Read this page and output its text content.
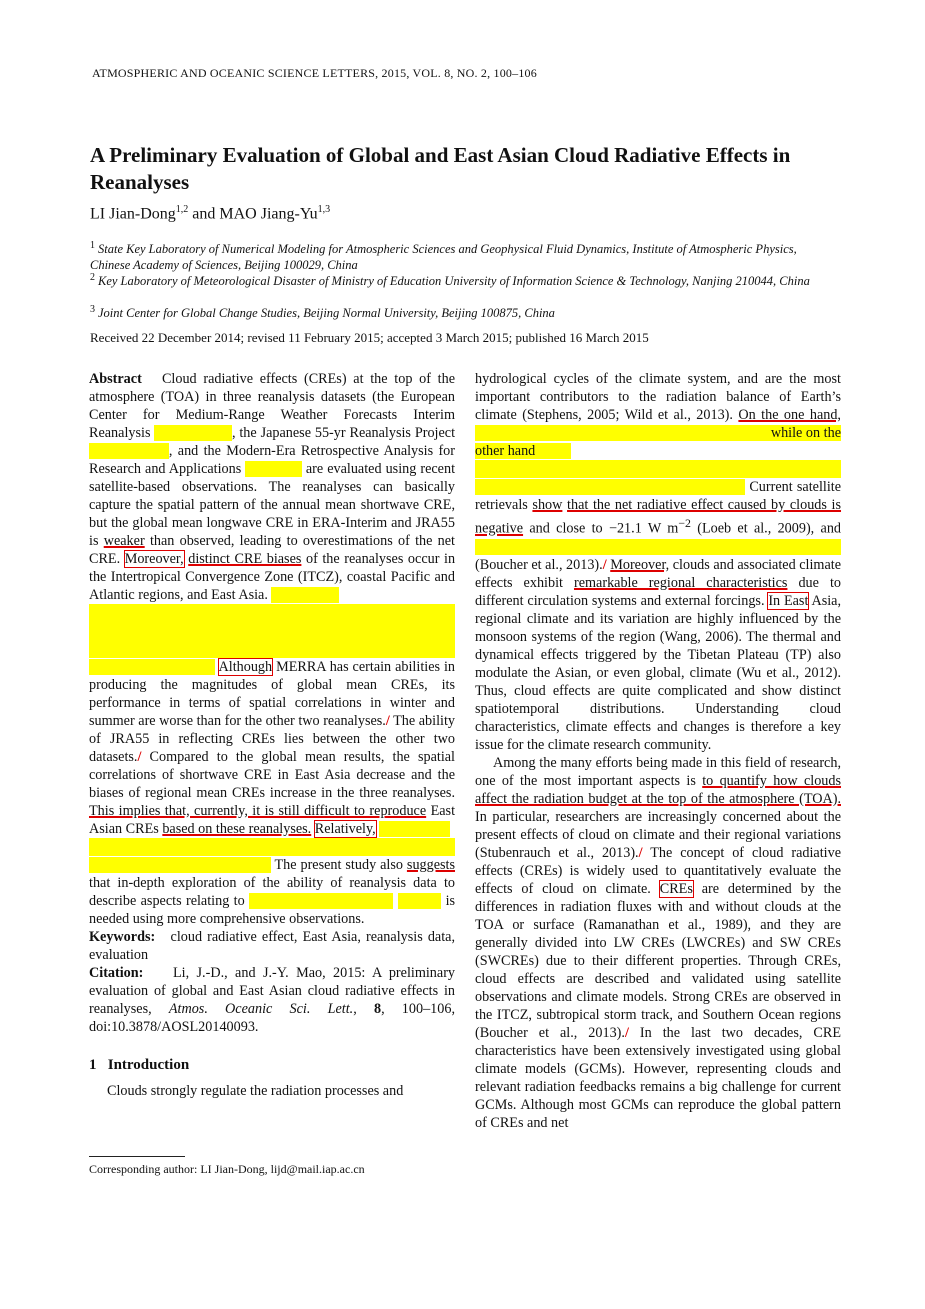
ATMOSPHERIC AND OCEANIC SCIENCE LETTERS, 2015, VOL. 8, NO. 2, 100–106
A Preliminary Evaluation of Global and East Asian Cloud Radiative Effects in Reanalyses
LI Jian-Dong$^{1,2}$ and MAO Jiang-Yu$^{1,3}$
$^1$ State Key Laboratory of Numerical Modeling for Atmospheric Sciences and Geophysical Fluid Dynamics, Institute of Atmospheric Physics, Chinese Academy of Sciences, Beijing 100029, China
$^2$ Key Laboratory of Meteorological Disaster of Ministry of Education University of Information Science & Technology, Nanjing 210044, China
$^3$ Joint Center for Global Change Studies, Beijing Normal University, Beijing 100875, China
Received 22 December 2014; revised 11 February 2015; accepted 3 March 2015; published 16 March 2015

Abstract Cloud radiative effects (CREs) at the top of the atmosphere (TOA) in three reanalysis datasets (the European Center for Medium-Range Weather Forecasts Interim Reanalysis	, the Japanese 55-yr Reanalysis Project                , and the Modern-Era Retrospective Analysis for Research and Applications	are evaluated using recent satellite-based observations. The reanalyses can basically capture the spatial pattern of the annual mean shortwave CRE, but the global mean longwave CRE in ERA-Interim and JRA55 is weaker than observed, leading to overestimations of the net CRE. Moreover, distinct CRE biases of the reanalyses occur in the Intertropical Convergence Zone (ITCZ), coastal Pacific and Atlantic regions, and East Asia.
Although MERRA has certain abilities in producing the magnitudes of global mean CREs, its performance in terms of spatial correlations in winter and summer are worse than for the other two reanalyses./ The ability of JRA55 in reflecting CREs lies between the other two datasets./ Compared to the global mean results, the spatial correlations of shortwave CRE in East Asia decrease and the biases of regional mean CREs increase in the three reanalyses. This implies that, currently, it is still difficult to reproduce East Asian CREs based on these reanalyses. Relatively,
The present study also suggests that in-depth exploration of the ability of reanalysis data to describe aspects relating to	is needed using more comprehensive observations.

Keywords: cloud radiative effect, East Asia, reanalysis data, evaluation

Citation: Li, J.-D., and J.-Y. Mao, 2015: A preliminary evaluation of global and East Asian cloud radiative effects in reanalyses, Atmos. Oceanic Sci. Lett., 8, 100–106, doi:10.3878/AOSL20140093.

1 Introduction

Clouds strongly regulate the radiation processes and

Corresponding author: LI Jian-Dong, lijd@mail.iap.ac.cn

hydrological cycles of the climate system, and are the most important contributors to the radiation balance of Earth’s climate (Stephens, 2005; Wild et al., 2013). On the one hand,                                                                                    while on the other hand
Current satellite retrievals show that the net radiative effect caused by clouds is negative and close to −21.1 W $m^{-2}$ (Loeb et al., 2009), and                                                                                             (Boucher et al., 2013)./ Moreover, clouds and associated climate effects exhibit remarkable regional characteristics due to different circulation systems and external forcings. In East Asia, regional climate and its variation are highly influenced by the monsoon systems of the region (Wang, 2006). The thermal and dynamical effects triggered by the Tibetan Plateau (TP) also modulate the Asian, or even global, climate (Wu et al., 2012). Thus, cloud effects are quite complicated and show distinct spatiotemporal distributions. Understanding cloud characteristics, climate effects and changes is therefore a key issue for the climate research community.

Among the many efforts being made in this field of research, one of the most important aspects is to quantify how clouds affect the radiation budget at the top of the atmosphere (TOA). In particular, researchers are increasingly concerned about the present effects of cloud on climate and their regional variations (Stubenrauch et al., 2013)./ The concept of cloud radiative effects (CREs) is widely used to quantitatively evaluate the effects of cloud on climate. CREs are determined by the differences in radiation fluxes with and without clouds at the TOA or surface (Ramanathan et al., 1989), and they are generally divided into LW CREs (LWCREs) and SW CREs (SWCREs) due to their different properties. Through CREs, cloud effects are described and validated using satellite observations and climate models. Strong CREs are observed in the ITCZ, subtropical storm track, and Southern Ocean regions (Boucher et al., 2013)./ In the last two decades, CRE characteristics have been extensively investigated using global climate models (GCMs). However, representing clouds and relevant radiation feedbacks remains a big challenge for current GCMs. Although most GCMs can reproduce the global pattern of CREs and net
